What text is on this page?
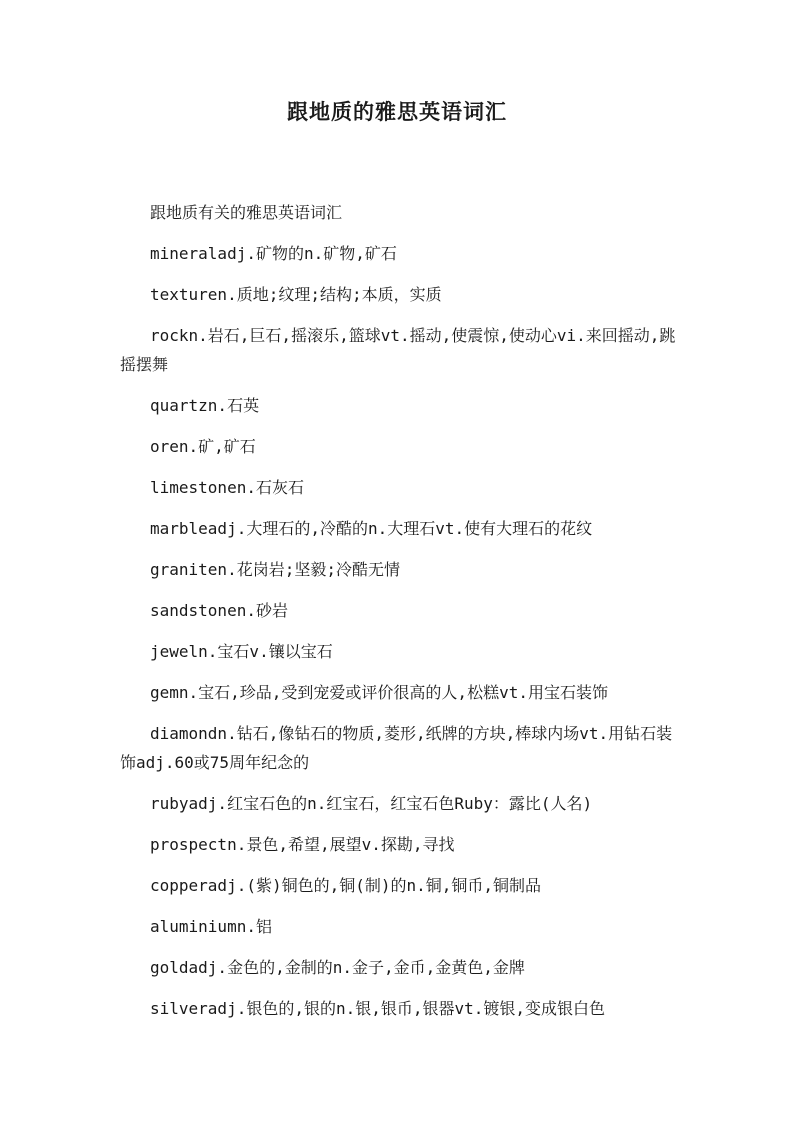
跟地质的雅思英语词汇

跟地质有关的雅思英语词汇

mineraladj.矿物的n.矿物,矿石

texturen.质地;纹理;结构;本质，实质

rockn.岩石,巨石,摇滚乐,篮球vt.摇动,使震惊,使动心vi.来回摇动,跳摇摆舞

quartzn.石英

oren.矿,矿石

limestonen.石灰石

marbleadj.大理石的,冷酷的n.大理石vt.使有大理石的花纹

graniten.花岗岩;坚毅;冷酷无情

sandstonen.砂岩

jeweln.宝石v.镶以宝石

gemn.宝石,珍品,受到宠爱或评价很高的人,松糕vt.用宝石装饰

diamondn.钻石,像钻石的物质,菱形,纸牌的方块,棒球内场vt.用钻石装饰adj.60或75周年纪念的

rubyadj.红宝石色的n.红宝石，红宝石色Ruby：露比(人名)

prospectn.景色,希望,展望v.探勘,寻找

copperadj.(紫)铜色的,铜(制)的n.铜,铜币,铜制品

aluminiumn.铝

goldadj.金色的,金制的n.金子,金币,金黄色,金牌

silveradj.银色的,银的n.银,银币,银器vt.镀银,变成银白色
